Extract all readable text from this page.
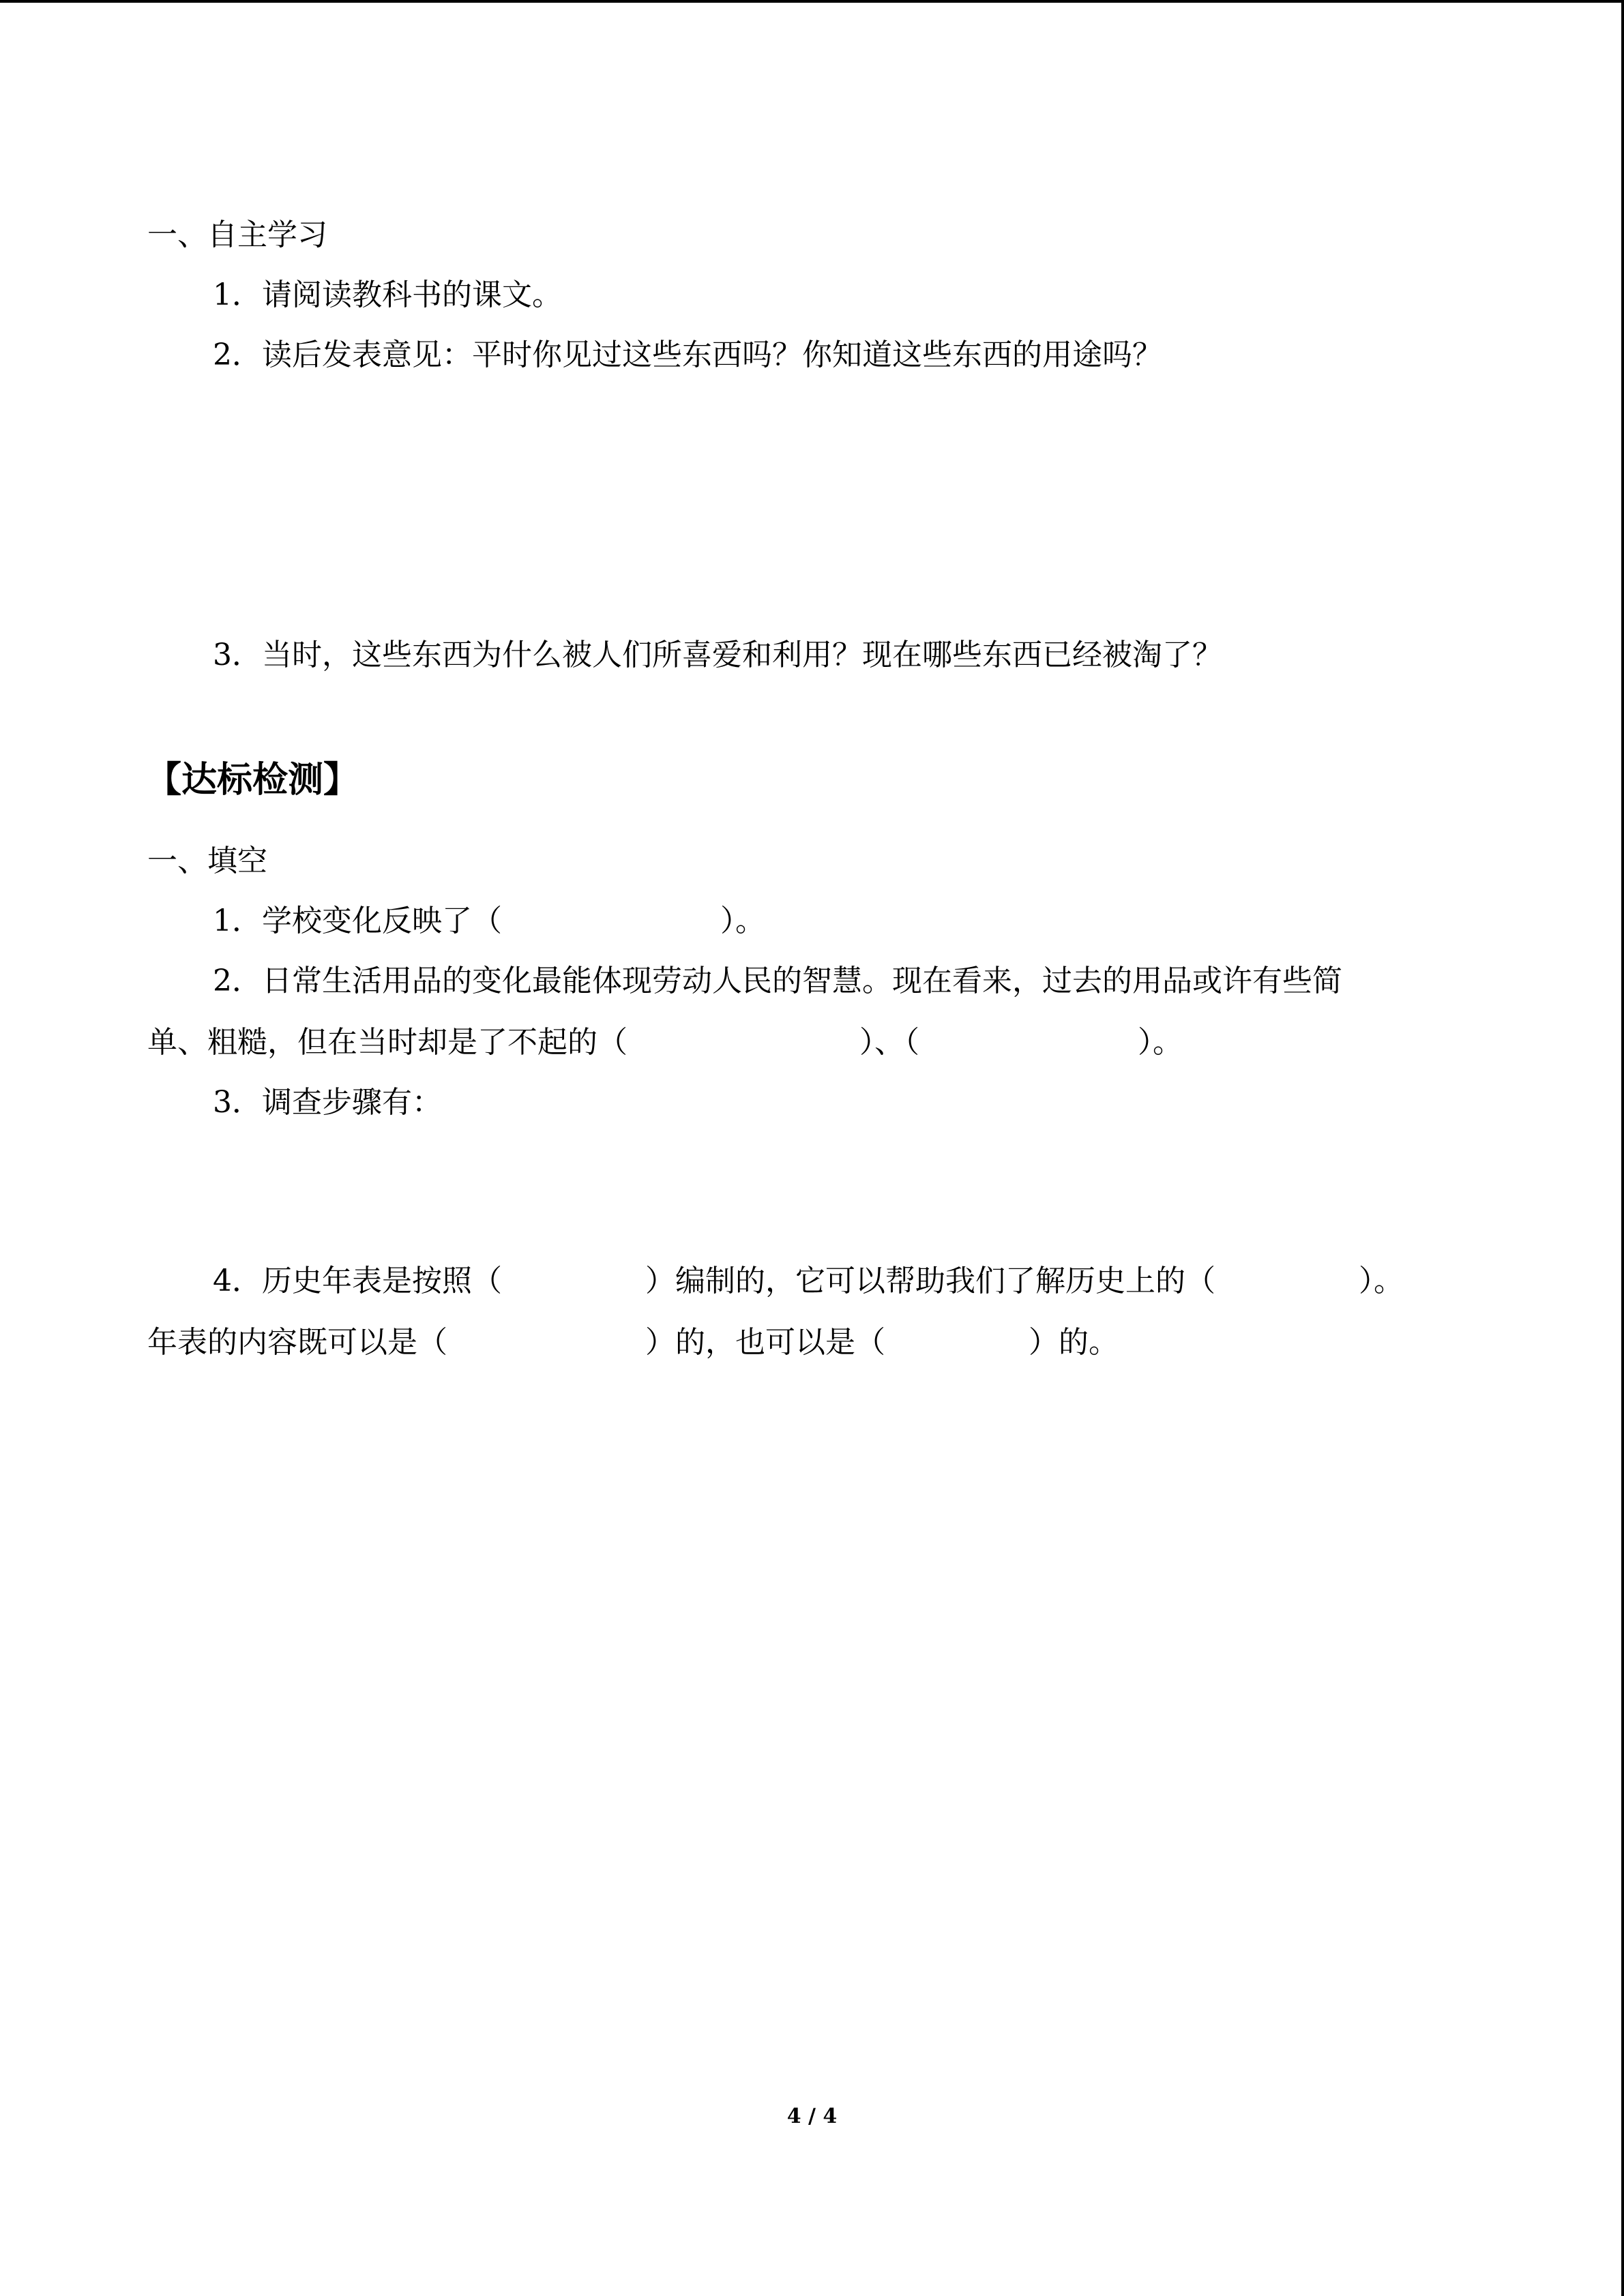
一、自主学习
1．请阅读教科书的课文。
2．读后发表意见：平时你见过这些东西吗？你知道这些东西的用途吗？
3．当时，这些东西为什么被人们所喜爱和利用？现在哪些东西已经被淘了？
【达标检测】
一、填空
1．学校变化反映了（	）。
2．日常生活用品的变化最能体现劳动人民的智慧。现在看来，过去的用品或许有些简
单、粗糙，但在当时却是了不起的（	）、（	）。
3．调查步骤有：
4．历史年表是按照（	）编制的，它可以帮助我们了解历史上的（	）。
年表的内容既可以是（	）的，也可以是（	）的。
4 / 4
